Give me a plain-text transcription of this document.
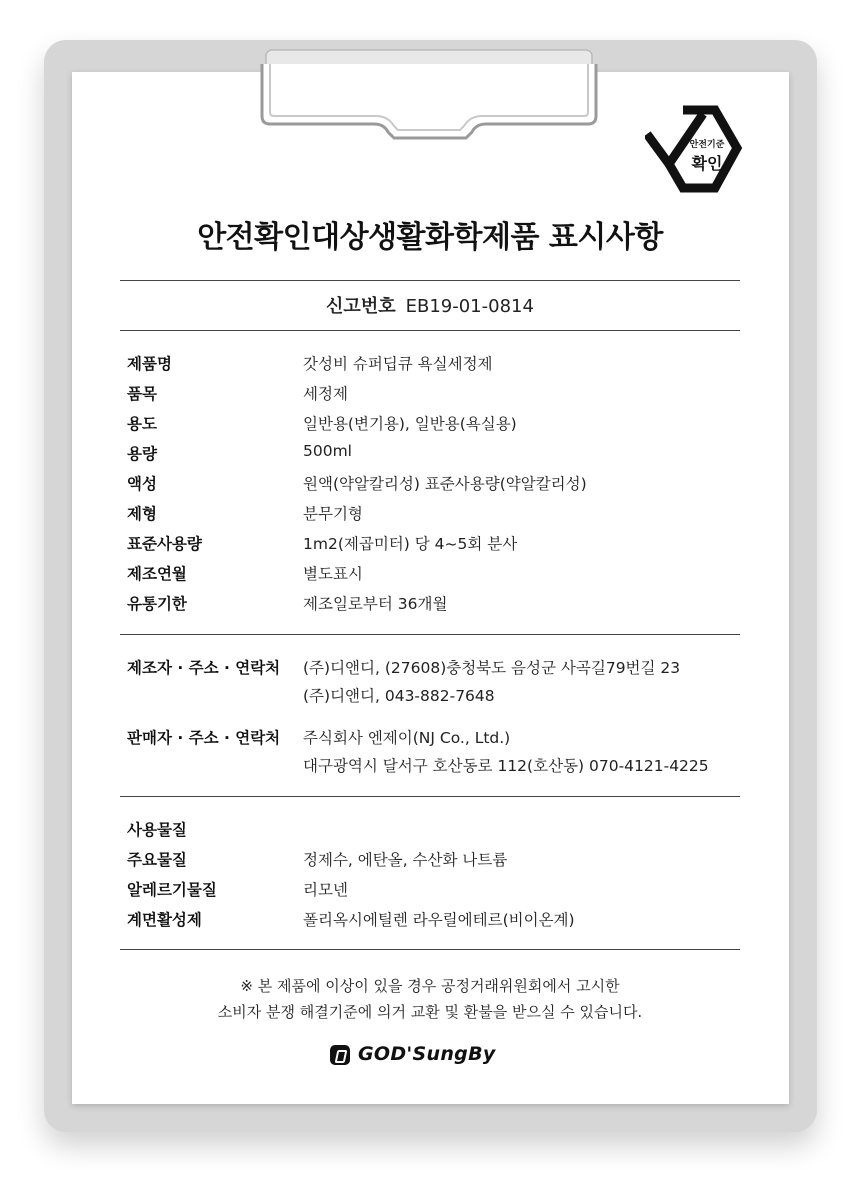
안전기준
확인
안전확인대상생활화학제품 표시사항
신고번호 EB19-01-0814
제품명	갓성비 슈퍼딥큐 욕실세정제
품목	세정제
용도	일반용(변기용), 일반용(욕실용)
용량	500ml
액성	원액(약알칼리성) 표준사용량(약알칼리성)
제형	분무기형
표준사용량	1m2(제곱미터) 당 4~5회 분사
제조연월	별도표시
유통기한	제조일로부터 36개월
제조자 · 주소 · 연락처 (주)디앤디, (27608)충청북도 음성군 사곡길79번길 23
(주)디앤디, 043-882-7648
판매자 · 주소 · 연락처 주식회사 엔제이(NJ Co., Ltd.)
대구광역시 달서구 호산동로 112(호산동) 070-4121-4225
사용물질
주요물질	정제수, 에탄올, 수산화 나트륨
알레르기물질	리모넨
계면활성제	폴리옥시에틸렌 라우릴에테르(비이온계)
※ 본 제품에 이상이 있을 경우 공정거래위원회에서 고시한
소비자 분쟁 해결기준에 의거 교환 및 환불을 받으실 수 있습니다.
GOD'SungBy
